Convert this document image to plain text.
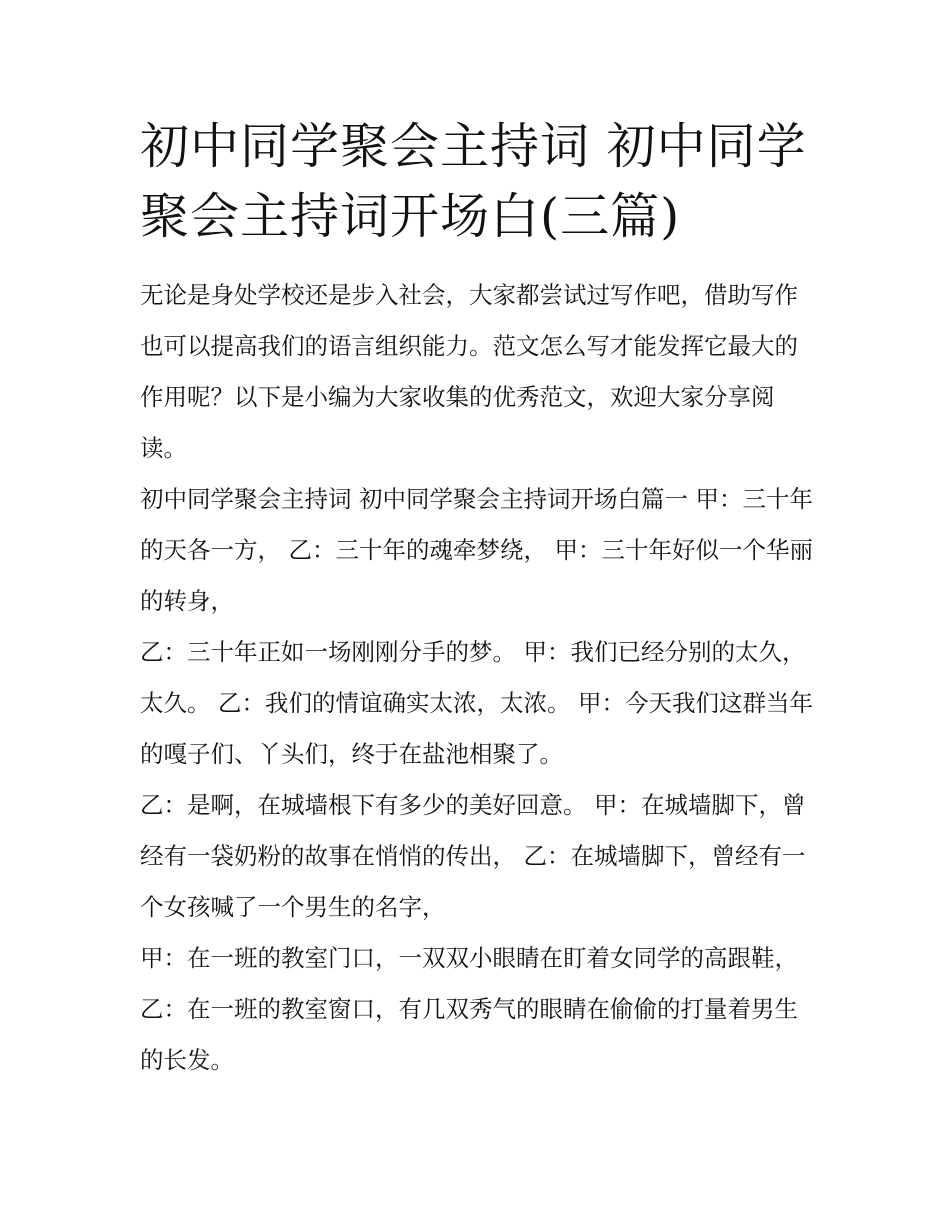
初中同学聚会主持词 初中同学
聚会主持词开场白(三篇)

无论是身处学校还是步入社会，大家都尝试过写作吧，借助写作也可以提高我们的语言组织能力。范文怎么写才能发挥它最大的作用呢？以下是小编为大家收集的优秀范文，欢迎大家分享阅读。

初中同学聚会主持词 初中同学聚会主持词开场白篇一 甲：三十年的天各一方， 乙：三十年的魂牵梦绕， 甲：三十年好似一个华丽的转身，

乙：三十年正如一场刚刚分手的梦。 甲：我们已经分别的太久，太久。 乙：我们的情谊确实太浓，太浓。 甲：今天我们这群当年的嘎子们、丫头们，终于在盐池相聚了。

乙：是啊，在城墙根下有多少的美好回意。 甲：在城墙脚下，曾经有一袋奶粉的故事在悄悄的传出， 乙：在城墙脚下，曾经有一个女孩喊了一个男生的名字，

甲：在一班的教室门口，一双双小眼睛在盯着女同学的高跟鞋， 乙：在一班的教室窗口，有几双秀气的眼睛在偷偷的打量着男生的长发。
